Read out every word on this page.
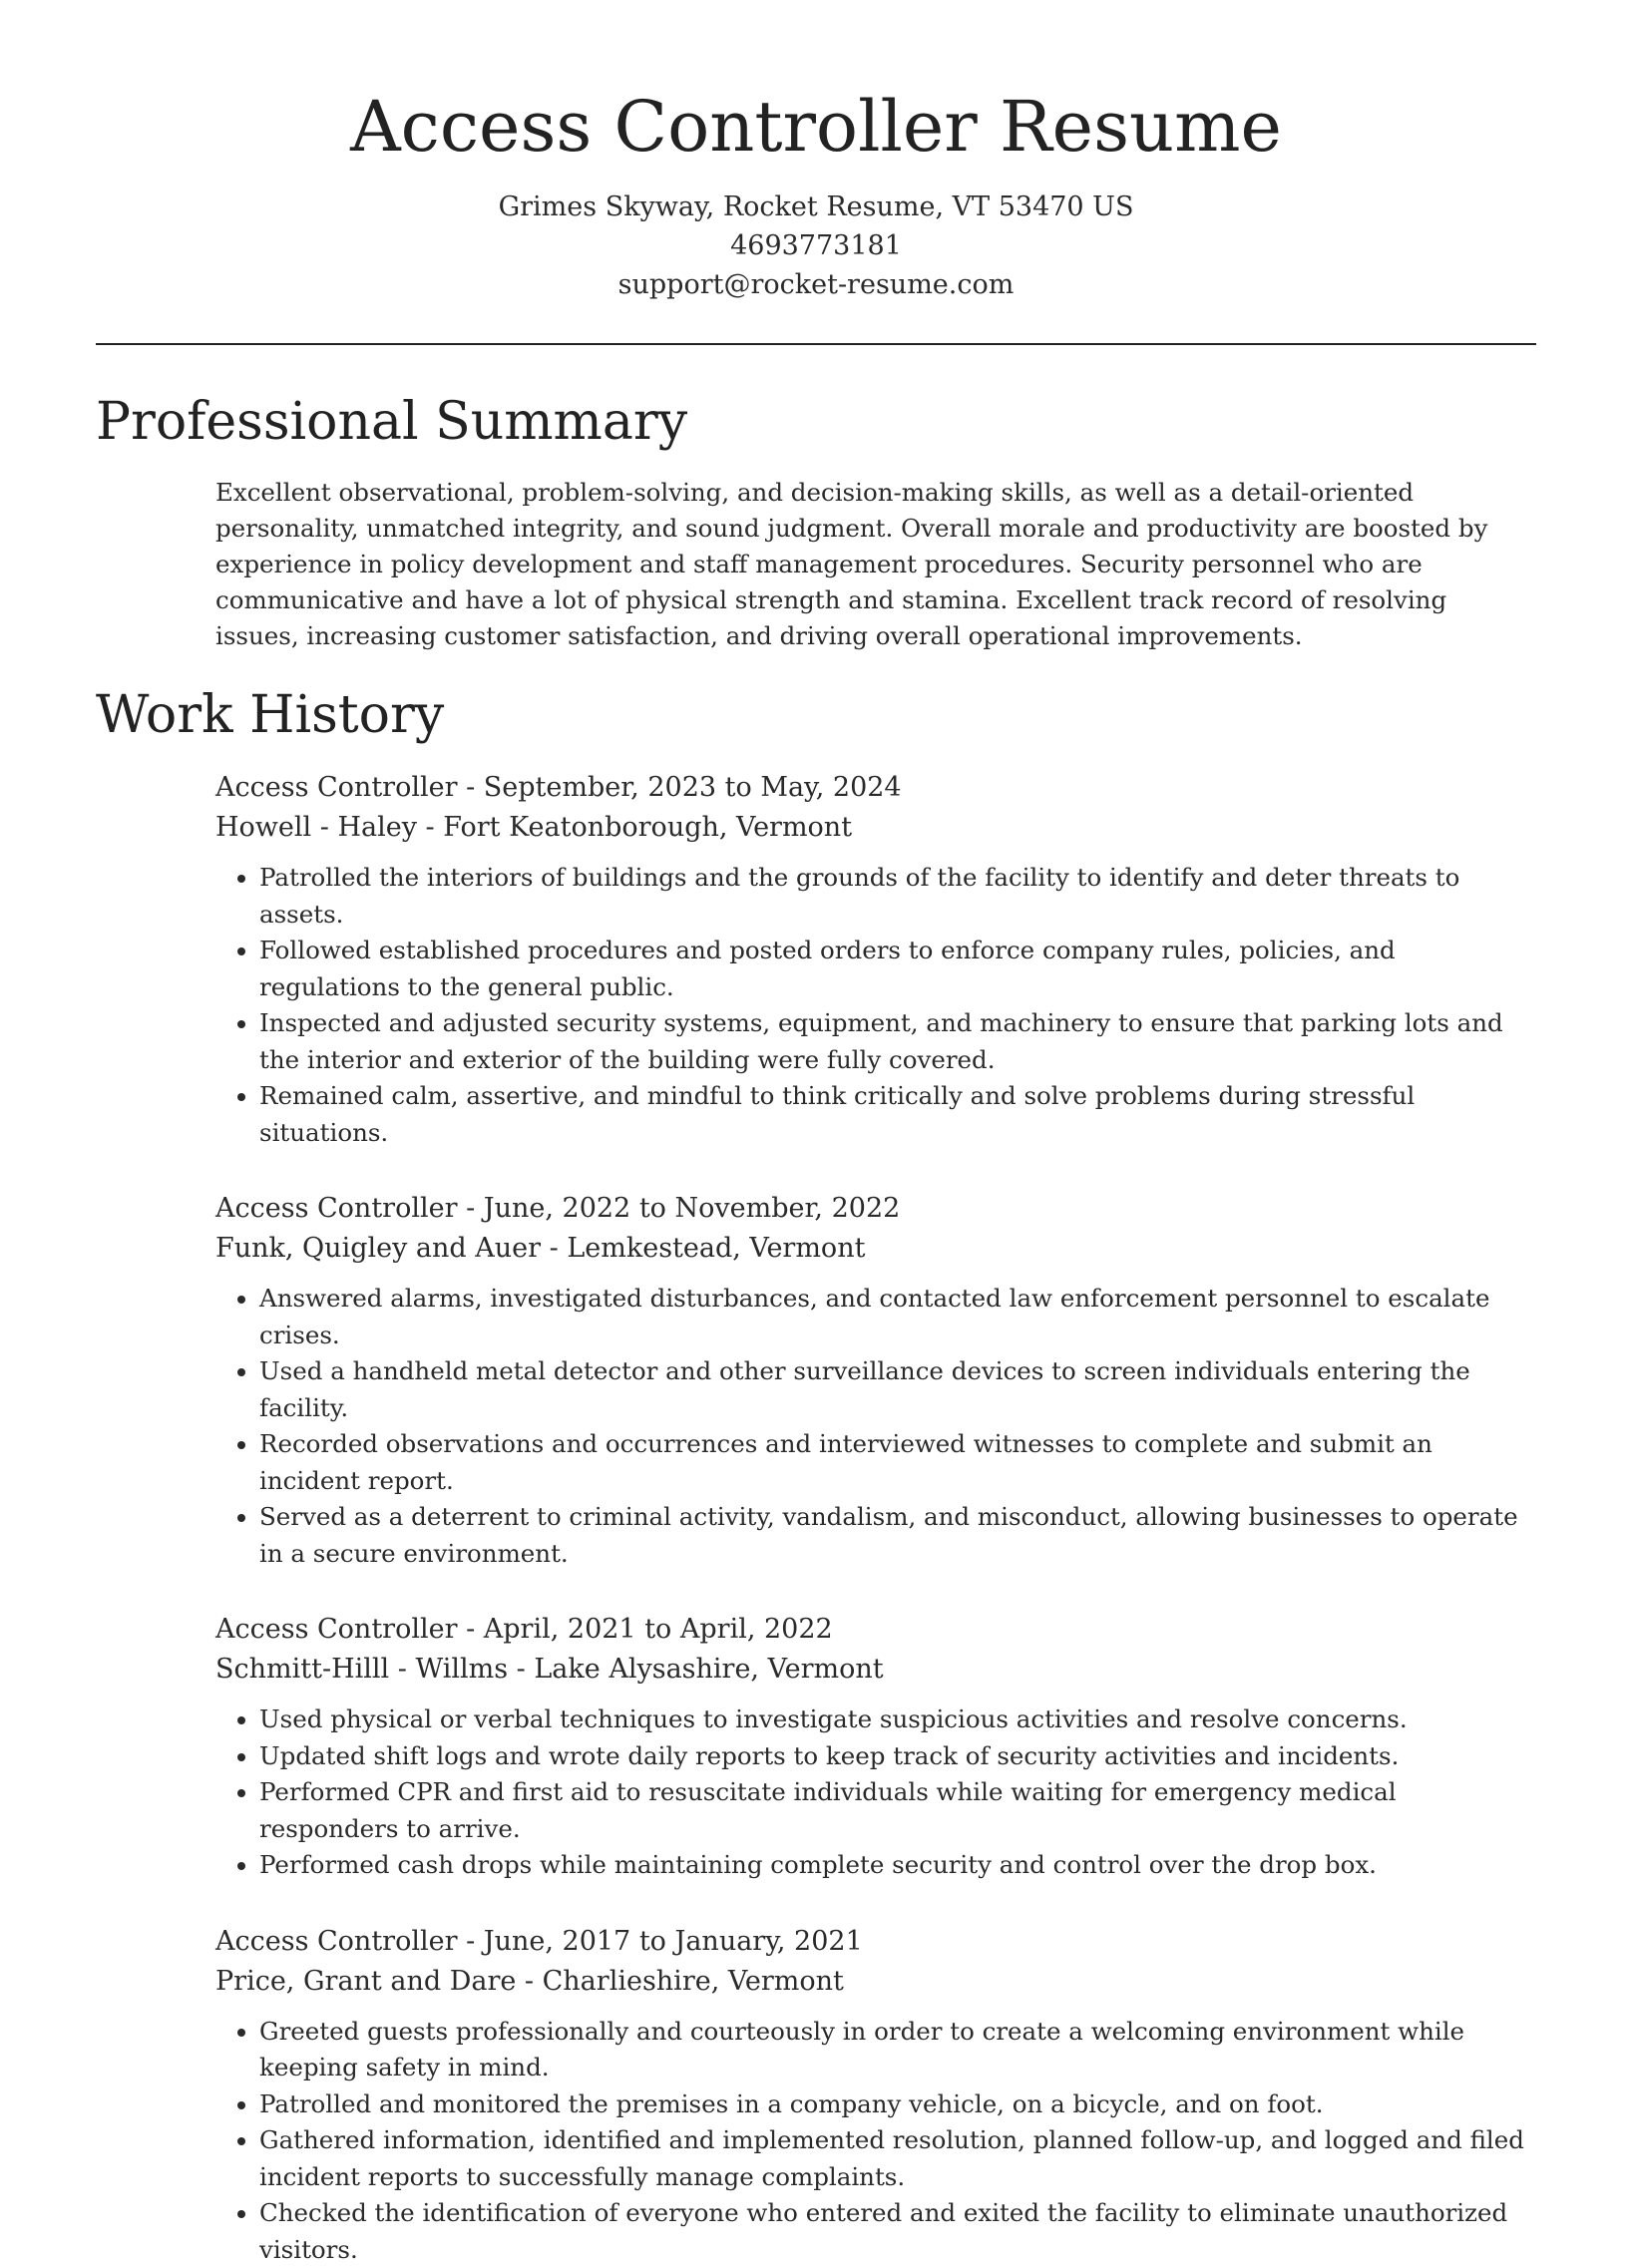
Access Controller Resume
Grimes Skyway, Rocket Resume, VT 53470 US
4693773181
support@rocket-resume.com
Professional Summary

Excellent observational, problem-solving, and decision-making skills, as well as a detail-oriented personality, unmatched integrity, and sound judgment. Overall morale and productivity are boosted by experience in policy development and staff management procedures. Security personnel who are communicative and have a lot of physical strength and stamina. Excellent track record of resolving issues, increasing customer satisfaction, and driving overall operational improvements.

Work History
Access Controller - September, 2023 to May, 2024
Howell - Haley - Fort Keatonborough, Vermont
• Patrolled the interiors of buildings and the grounds of the facility to identify and deter threats to assets.
• Followed established procedures and posted orders to enforce company rules, policies, and regulations to the general public.
• Inspected and adjusted security systems, equipment, and machinery to ensure that parking lots and the interior and exterior of the building were fully covered.
• Remained calm, assertive, and mindful to think critically and solve problems during stressful situations.
Access Controller - June, 2022 to November, 2022
Funk, Quigley and Auer - Lemkestead, Vermont
• Answered alarms, investigated disturbances, and contacted law enforcement personnel to escalate crises.
• Used a handheld metal detector and other surveillance devices to screen individuals entering the facility.
• Recorded observations and occurrences and interviewed witnesses to complete and submit an incident report.
• Served as a deterrent to criminal activity, vandalism, and misconduct, allowing businesses to operate in a secure environment.
Access Controller - April, 2021 to April, 2022
Schmitt-Hilll - Willms - Lake Alysashire, Vermont
• Used physical or verbal techniques to investigate suspicious activities and resolve concerns.
• Updated shift logs and wrote daily reports to keep track of security activities and incidents.
• Performed CPR and first aid to resuscitate individuals while waiting for emergency medical responders to arrive.
• Performed cash drops while maintaining complete security and control over the drop box.
Access Controller - June, 2017 to January, 2021
Price, Grant and Dare - Charlieshire, Vermont
• Greeted guests professionally and courteously in order to create a welcoming environment while keeping safety in mind.
• Patrolled and monitored the premises in a company vehicle, on a bicycle, and on foot.
• Gathered information, identified and implemented resolution, planned follow-up, and logged and filed incident reports to successfully manage complaints.
• Checked the identification of everyone who entered and exited the facility to eliminate unauthorized visitors.
